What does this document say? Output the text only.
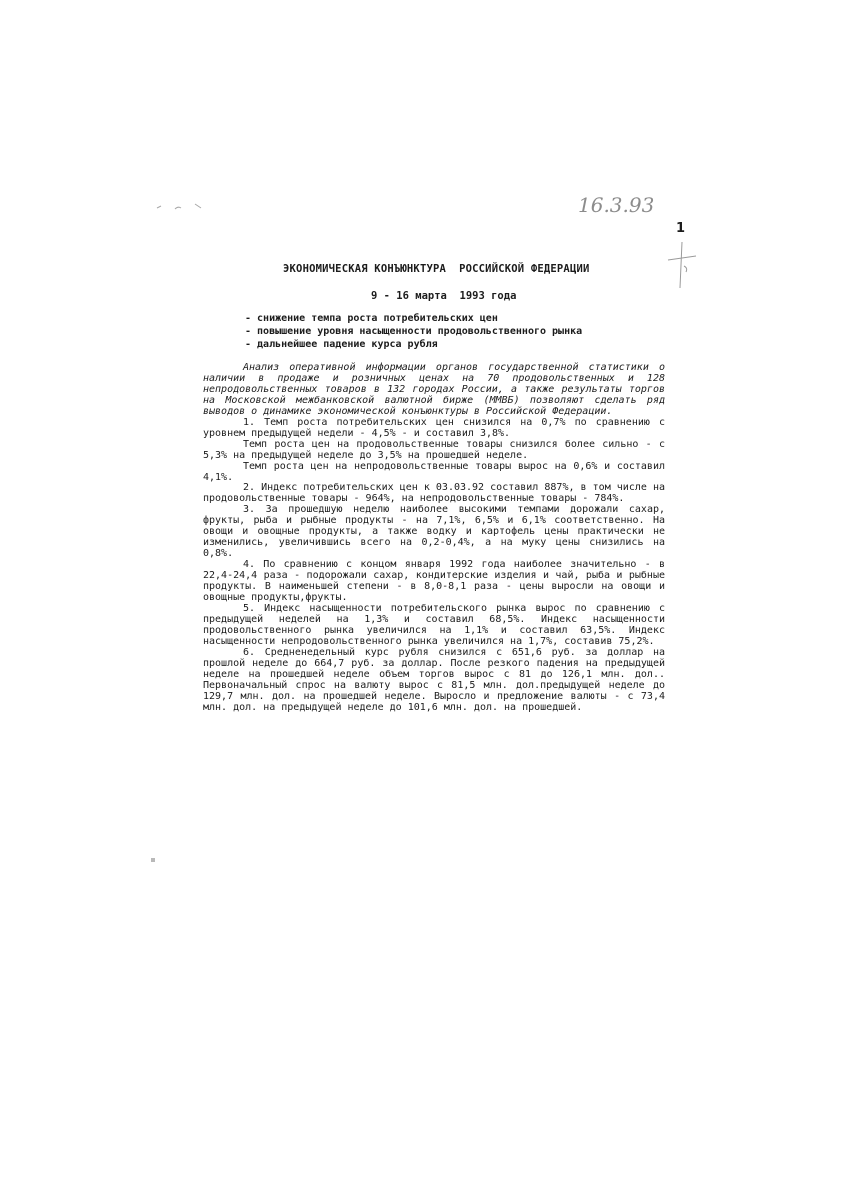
16.3.93
1
ЭКОНОМИЧЕСКАЯ КОНЪЮНКТУРА  РОССИЙСКОЙ ФЕДЕРАЦИИ
9 - 16 марта  1993 года
- снижение темпа роста потребительских цен
- повышение уровня насыщенности продовольственного рынка
- дальнейшее падение курса рубля

Анализ оперативной информации органов государственной статистики о наличии в продаже и розничных ценах на 70 продовольственных и 128 непродовольственных товаров в 132 городах России, а также результаты торгов на Московской межбанковской валютной бирже (ММВБ) позволяют сделать ряд выводов о динамике экономической конъюнктуры в Российской Федерации.

1. Темп роста потребительских цен снизился на 0,7% по сравнению с уровнем предыдущей недели - 4,5% - и составил 3,8%.

Темп роста цен на продовольственные товары снизился более сильно - с 5,3% на предыдущей неделе до 3,5% на прошедшей неделе.

Темп роста цен на непродовольственные товары вырос на 0,6% и составил 4,1%.

2. Индекс потребительских цен к 03.03.92 составил 887%, в том числе на продовольственные товары - 964%, на непродовольственные товары - 784%.

3. За прошедшую неделю наиболее высокими темпами дорожали сахар, фрукты, рыба и рыбные продукты - на 7,1%, 6,5% и 6,1% соответственно. На овощи и овощные продукты, а также водку и картофель цены практически не изменились, увеличившись всего на 0,2-0,4%, а на муку цены снизились на 0,8%.

4. По сравнению с концом января 1992 года наиболее значительно - в 22,4-24,4 раза - подорожали сахар, кондитерские изделия и чай, рыба и рыбные продукты. В наименьшей степени - в 8,0-8,1 раза - цены выросли на овощи и овощные продукты,фрукты.

5. Индекс насыщенности потребительского рынка вырос по сравнению с предыдущей неделей на 1,3% и составил 68,5%. Индекс насыщенности продовольственного рынка увеличился на 1,1% и составил 63,5%. Индекс насыщенности непродовольственного рынка увеличился на 1,7%, составив 75,2%.

6. Средненедельный курс рубля снизился с 651,6 руб. за доллар на прошлой неделе до 664,7 руб. за доллар. После резкого падения на предыдущей неделе на прошедшей неделе объем торгов вырос с 81 до 126,1 млн. дол.. Первоначальный спрос на валюту вырос с 81,5 млн. дол.предыдущей неделе до 129,7 млн. дол. на прошедшей неделе. Выросло и предложение валюты - с 73,4 млн. дол. на предыдущей неделе до 101,6 млн. дол. на прошедшей.
